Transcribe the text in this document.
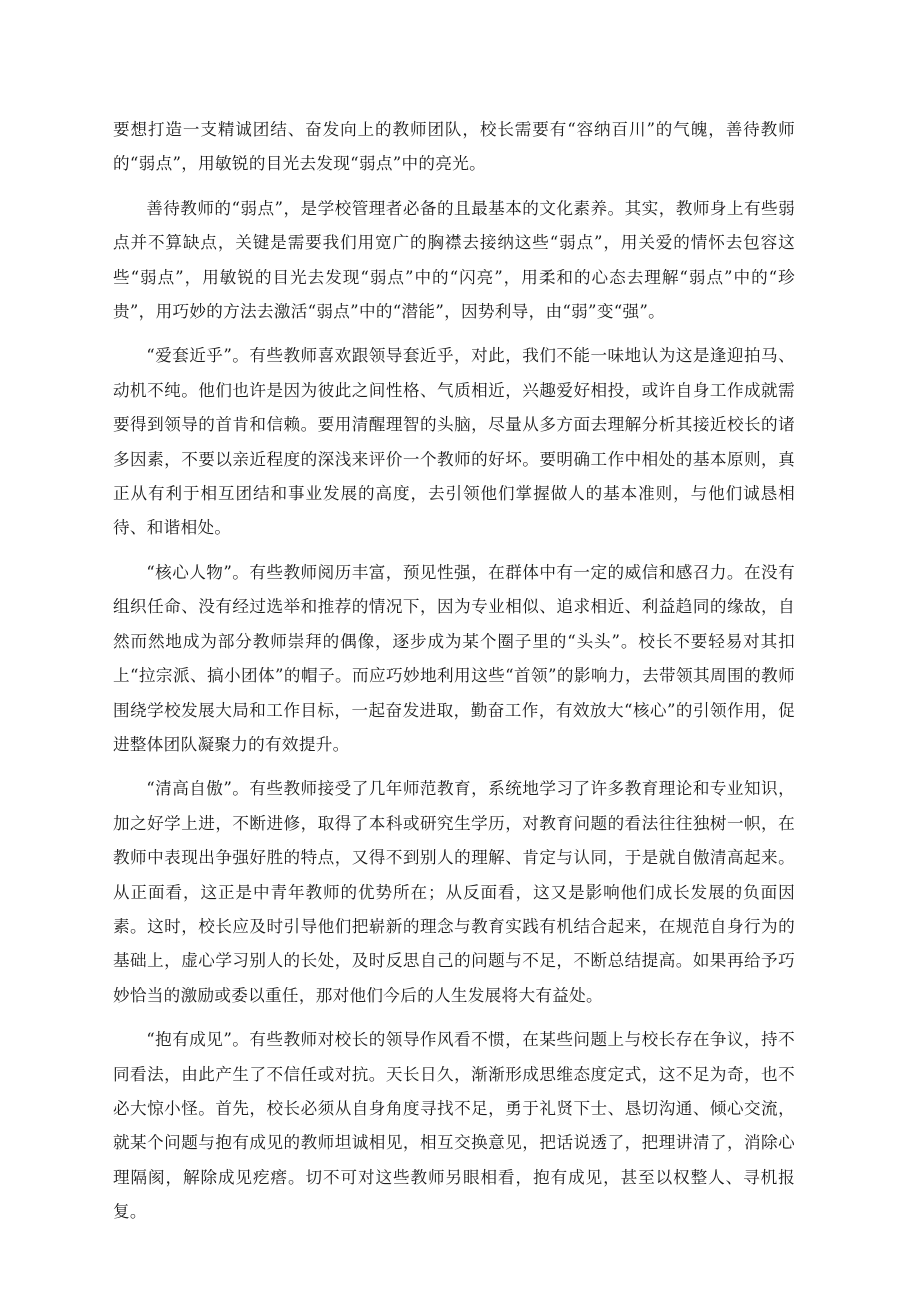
要想打造一支精诚团结、奋发向上的教师团队，校长需要有“容纳百川”的气魄，善待教师的“弱点”，用敏锐的目光去发现“弱点”中的亮光。

善待教师的“弱点”，是学校管理者必备的且最基本的文化素养。其实，教师身上有些弱点并不算缺点，关键是需要我们用宽广的胸襟去接纳这些“弱点”，用关爱的情怀去包容这些“弱点”，用敏锐的目光去发现“弱点”中的“闪亮”，用柔和的心态去理解“弱点”中的“珍贵”，用巧妙的方法去激活“弱点”中的“潜能”，因势利导，由“弱”变“强”。

“爱套近乎”。有些教师喜欢跟领导套近乎，对此，我们不能一味地认为这是逢迎拍马、动机不纯。他们也许是因为彼此之间性格、气质相近，兴趣爱好相投，或许自身工作成就需要得到领导的首肯和信赖。要用清醒理智的头脑，尽量从多方面去理解分析其接近校长的诸多因素，不要以亲近程度的深浅来评价一个教师的好坏。要明确工作中相处的基本原则，真正从有利于相互团结和事业发展的高度，去引领他们掌握做人的基本准则，与他们诚恳相待、和谐相处。

“核心人物”。有些教师阅历丰富，预见性强，在群体中有一定的威信和感召力。在没有组织任命、没有经过选举和推荐的情况下，因为专业相似、追求相近、利益趋同的缘故，自然而然地成为部分教师崇拜的偶像，逐步成为某个圈子里的“头头”。校长不要轻易对其扣上“拉宗派、搞小团体”的帽子。而应巧妙地利用这些“首领”的影响力，去带领其周围的教师围绕学校发展大局和工作目标，一起奋发进取，勤奋工作，有效放大“核心”的引领作用，促进整体团队凝聚力的有效提升。

“清高自傲”。有些教师接受了几年师范教育，系统地学习了许多教育理论和专业知识，加之好学上进，不断进修，取得了本科或研究生学历，对教育问题的看法往往独树一帜，在教师中表现出争强好胜的特点，又得不到别人的理解、肯定与认同，于是就自傲清高起来。从正面看，这正是中青年教师的优势所在；从反面看，这又是影响他们成长发展的负面因素。这时，校长应及时引导他们把崭新的理念与教育实践有机结合起来，在规范自身行为的基础上，虚心学习别人的长处，及时反思自己的问题与不足，不断总结提高。如果再给予巧妙恰当的激励或委以重任，那对他们今后的人生发展将大有益处。

“抱有成见”。有些教师对校长的领导作风看不惯，在某些问题上与校长存在争议，持不同看法，由此产生了不信任或对抗。天长日久，渐渐形成思维态度定式，这不足为奇，也不必大惊小怪。首先，校长必须从自身角度寻找不足，勇于礼贤下士、恳切沟通、倾心交流，就某个问题与抱有成见的教师坦诚相见，相互交换意见，把话说透了，把理讲清了，消除心理隔阂，解除成见疙瘩。切不可对这些教师另眼相看，抱有成见，甚至以权整人、寻机报复。
